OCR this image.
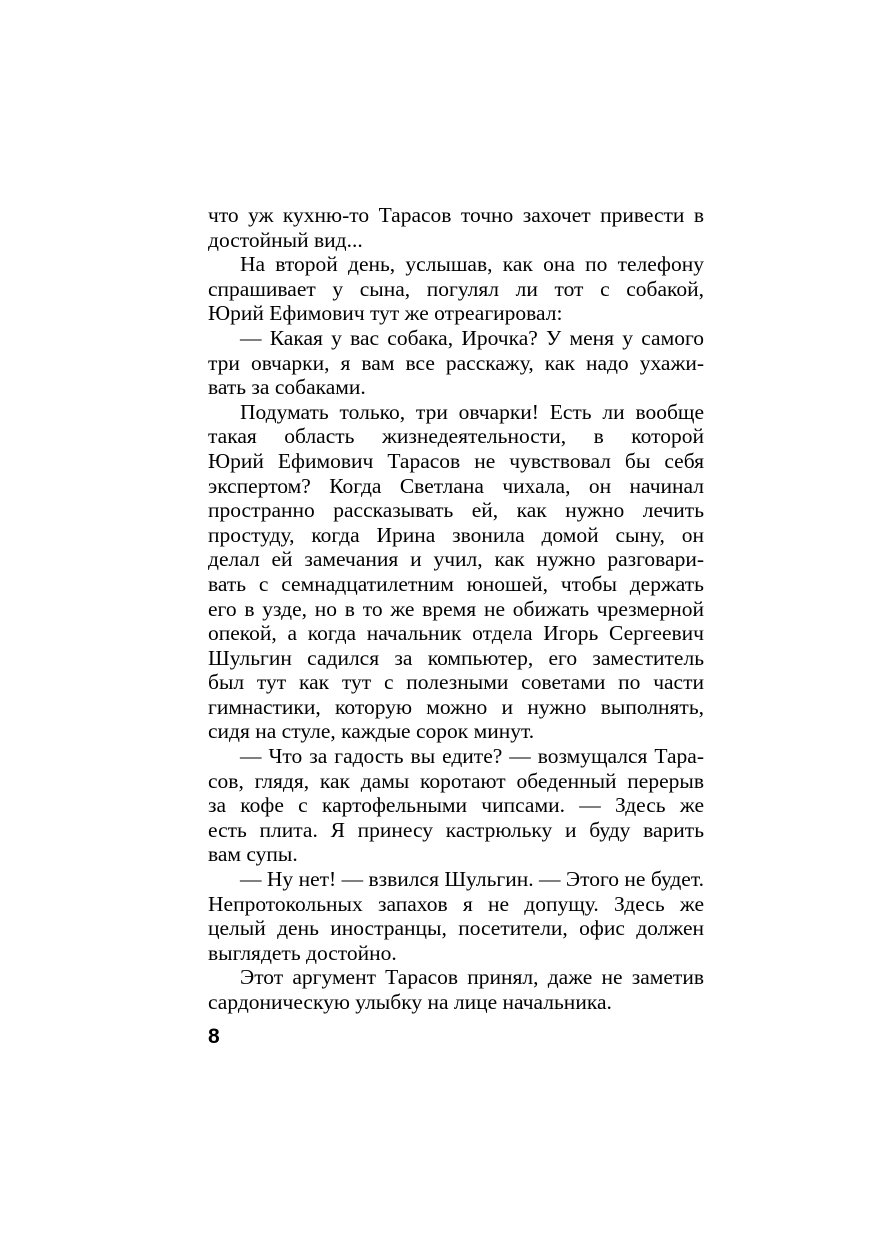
что уж кухню-то Тарасов точно захочет привести в
достойный вид...
На второй день, услышав, как она по телефону
спрашивает у сына, погулял ли тот с собакой,
Юрий Ефимович тут же отреагировал:
— Какая у вас собака, Ирочка? У меня у самого
три овчарки, я вам все расскажу, как надо ухажи-
вать за собаками.
Подумать только, три овчарки! Есть ли вообще
такая область жизнедеятельности, в которой
Юрий Ефимович Тарасов не чувствовал бы себя
экспертом? Когда Светлана чихала, он начинал
пространно рассказывать ей, как нужно лечить
простуду, когда Ирина звонила домой сыну, он
делал ей замечания и учил, как нужно разговари-
вать с семнадцатилетним юношей, чтобы держать
его в узде, но в то же время не обижать чрезмерной
опекой, а когда начальник отдела Игорь Сергеевич
Шульгин садился за компьютер, его заместитель
был тут как тут с полезными советами по части
гимнастики, которую можно и нужно выполнять,
сидя на стуле, каждые сорок минут.
— Что за гадость вы едите? — возмущался Тара-
сов, глядя, как дамы коротают обеденный перерыв
за кофе с картофельными чипсами. — Здесь же
есть плита. Я принесу кастрюльку и буду варить
вам супы.
— Ну нет! — взвился Шульгин. — Этого не будет.
Непротокольных запахов я не допущу. Здесь же
целый день иностранцы, посетители, офис должен
выглядеть достойно.
Этот аргумент Тарасов принял, даже не заметив
сардоническую улыбку на лице начальника.
8
